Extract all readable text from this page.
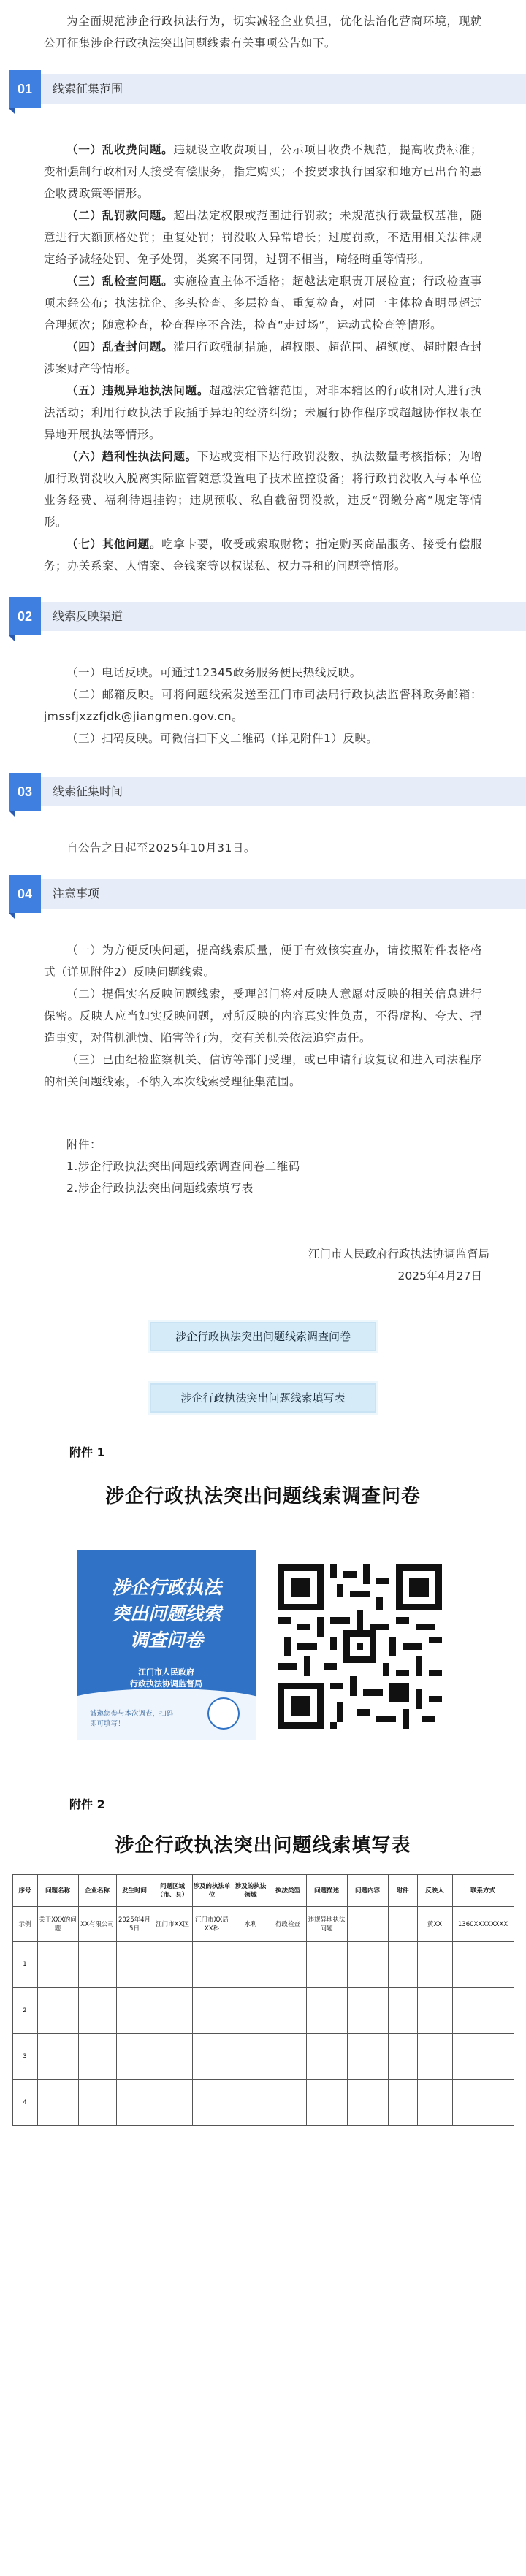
为全面规范涉企行政执法行为，切实减轻企业负担，优化法治化营商环境，现就公开征集涉企行政执法突出问题线索有关事项公告如下。

01	线索征集范围

（一）乱收费问题。违规设立收费项目，公示项目收费不规范，提高收费标准；变相强制行政相对人接受有偿服务，指定购买；不按要求执行国家和地方已出台的惠企收费政策等情形。

（二）乱罚款问题。超出法定权限或范围进行罚款；未规范执行裁量权基准，随意进行大额顶格处罚；重复处罚；罚没收入异常增长；过度罚款，不适用相关法律规定给予减轻处罚、免予处罚，类案不同罚，过罚不相当，畸轻畸重等情形。

（三）乱检查问题。实施检查主体不适格；超越法定职责开展检查；行政检查事项未经公布；执法扰企、多头检查、多层检查、重复检查，对同一主体检查明显超过合理频次；随意检查，检查程序不合法，检查“走过场”，运动式检查等情形。

（四）乱查封问题。滥用行政强制措施，超权限、超范围、超额度、超时限查封涉案财产等情形。

（五）违规异地执法问题。超越法定管辖范围，对非本辖区的行政相对人进行执法活动；利用行政执法手段插手异地的经济纠纷；未履行协作程序或超越协作权限在异地开展执法等情形。

（六）趋利性执法问题。下达或变相下达行政罚没数、执法数量考核指标；为增加行政罚没收入脱离实际监管随意设置电子技术监控设备；将行政罚没收入与本单位业务经费、福利待遇挂钩；违规预收、私自截留罚没款，违反“罚缴分离”规定等情形。

（七）其他问题。吃拿卡要，收受或索取财物；指定购买商品服务、接受有偿服务；办关系案、人情案、金钱案等以权谋私、权力寻租的问题等情形。

02	线索反映渠道

（一）电话反映。可通过12345政务服务便民热线反映。

（二）邮箱反映。可将问题线索发送至江门市司法局行政执法监督科政务邮箱：jmssfjxzzfjdk@jiangmen.gov.cn。

（三）扫码反映。可微信扫下文二维码（详见附件1）反映。

03	线索征集时间

自公告之日起至2025年10月31日。

04	注意事项

（一）为方便反映问题，提高线索质量，便于有效核实查办，请按照附件表格格式（详见附件2）反映问题线索。

（二）提倡实名反映问题线索，受理部门将对反映人意愿对反映的相关信息进行保密。反映人应当如实反映问题，对所反映的内容真实性负责，不得虚构、夸大、捏造事实，对借机泄愤、陷害等行为，交有关机关依法追究责任。

（三）已由纪检监察机关、信访等部门受理，或已申请行政复议和进入司法程序的相关问题线索，不纳入本次线索受理征集范围。

附件：

1.涉企行政执法突出问题线索调查问卷二维码

2.涉企行政执法突出问题线索填写表

江门市人民政府行政执法协调监督局

2025年4月27日

涉企行政执法突出问题线索调查问卷
涉企行政执法突出问题线索填写表

附件 1

涉企行政执法突出问题线索调查问卷

涉企行政执法
突出问题线索
调查问卷
江门市人民政府
行政执法协调监督局
诚邀您参与本次调查，扫码即可填写！

附件 2

涉企行政执法突出问题线索填写表

序号	问题名称	企业名称	发生时间	问题区域（市、县）	涉及的执法单位	涉及的执法领域	执法类型	问题描述	问题内容	附件	反映人	联系方式
示例	关于XXX的问题	XX有限公司	2025年4月5日	江门市XX区	江门市XX局XX科	水利	行政检查	违规异地执法问题			黄XX	1360XXXXXXXX
1												
2												
3												
4												
